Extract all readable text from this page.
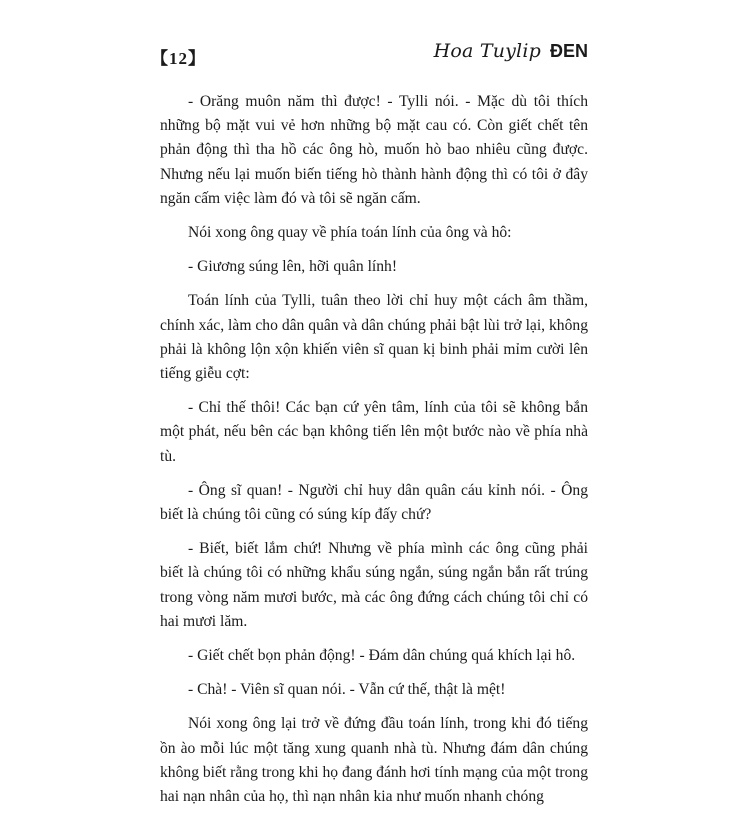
【12】	Hoa Tuylip ĐEN

- Orăng muôn năm thì được! - Tylli nói. - Mặc dù tôi thích những bộ mặt vui vẻ hơn những bộ mặt cau có. Còn giết chết tên phản động thì tha hồ các ông hò, muốn hò bao nhiêu cũng được. Nhưng nếu lại muốn biến tiếng hò thành hành động thì có tôi ở đây ngăn cấm việc làm đó và tôi sẽ ngăn cấm.

Nói xong ông quay về phía toán lính của ông và hô:

- Giương súng lên, hỡi quân lính!

Toán lính của Tylli, tuân theo lời chỉ huy một cách âm thầm, chính xác, làm cho dân quân và dân chúng phải bật lùi trở lại, không phải là không lộn xộn khiến viên sĩ quan kị binh phải mỉm cười lên tiếng giễu cợt:

- Chỉ thế thôi! Các bạn cứ yên tâm, lính của tôi sẽ không bắn một phát, nếu bên các bạn không tiến lên một bước nào về phía nhà tù.

- Ông sĩ quan! - Người chỉ huy dân quân cáu kỉnh nói. - Ông biết là chúng tôi cũng có súng kíp đấy chứ?

- Biết, biết lắm chứ! Nhưng về phía mình các ông cũng phải biết là chúng tôi có những khẩu súng ngắn, súng ngắn bắn rất trúng trong vòng năm mươi bước, mà các ông đứng cách chúng tôi chỉ có hai mươi lăm.

- Giết chết bọn phản động! - Đám dân chúng quá khích lại hô.

- Chà! - Viên sĩ quan nói. - Vẫn cứ thế, thật là mệt!

Nói xong ông lại trở về đứng đầu toán lính, trong khi đó tiếng ồn ào mỗi lúc một tăng xung quanh nhà tù. Nhưng đám dân chúng không biết rằng trong khi họ đang đánh hơi tính mạng của một trong hai nạn nhân của họ, thì nạn nhân kia như muốn nhanh chóng
